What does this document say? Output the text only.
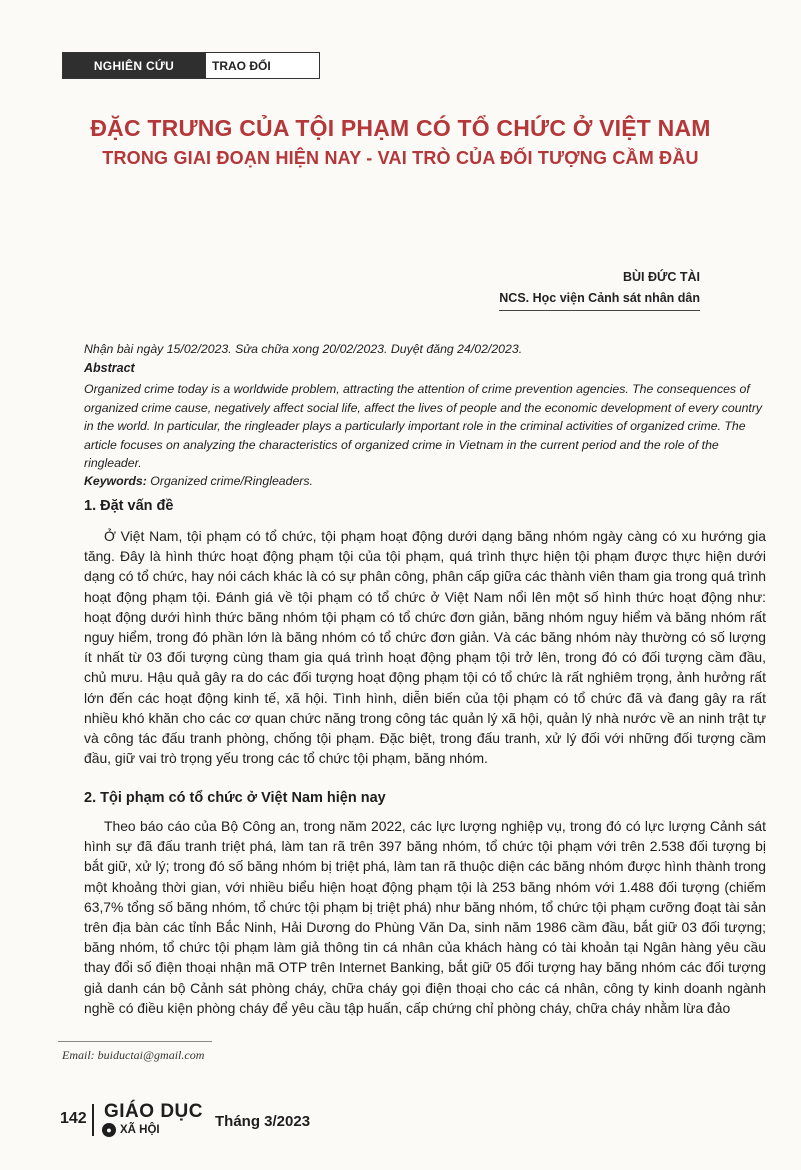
NGHIÊN CỨU	TRAO ĐỔI
ĐẶC TRƯNG CỦA TỘI PHẠM CÓ TỔ CHỨC Ở VIỆT NAM
TRONG GIAI ĐOẠN HIỆN NAY - VAI TRÒ CỦA ĐỐI TƯỢNG CẦM ĐẦU
BÙI ĐỨC TÀI
NCS. Học viện Cảnh sát nhân dân
Nhận bài ngày 15/02/2023. Sửa chữa xong 20/02/2023. Duyệt đăng 24/02/2023.
Abstract
Organized crime today is a worldwide problem, attracting the attention of crime prevention agencies. The consequences of organized crime cause, negatively affect social life, affect the lives of people and the economic development of every country in the world. In particular, the ringleader plays a particularly important role in the criminal activities of organized crime. The article focuses on analyzing the characteristics of organized crime in Vietnam in the current period and the role of the ringleader.
Keywords: Organized crime/Ringleaders.
1. Đặt vấn đề
Ở Việt Nam, tội phạm có tổ chức, tội phạm hoạt động dưới dạng băng nhóm ngày càng có xu hướng gia tăng. Đây là hình thức hoạt động phạm tội của tội phạm, quá trình thực hiện tội phạm được thực hiện dưới dạng có tổ chức, hay nói cách khác là có sự phân công, phân cấp giữa các thành viên tham gia trong quá trình hoạt động phạm tội. Đánh giá về tội phạm có tổ chức ở Việt Nam nổi lên một số hình thức hoạt động như: hoạt động dưới hình thức băng nhóm tội phạm có tổ chức đơn giản, băng nhóm nguy hiểm và băng nhóm rất nguy hiểm, trong đó phần lớn là băng nhóm có tổ chức đơn giản. Và các băng nhóm này thường có số lượng ít nhất từ 03 đối tượng cùng tham gia quá trình hoạt động phạm tội trở lên, trong đó có đối tượng cầm đầu, chủ mưu. Hậu quả gây ra do các đối tượng hoạt động phạm tội có tổ chức là rất nghiêm trọng, ảnh hưởng rất lớn đến các hoạt động kinh tế, xã hội. Tình hình, diễn biến của tội phạm có tổ chức đã và đang gây ra rất nhiều khó khăn cho các cơ quan chức năng trong công tác quản lý xã hội, quản lý nhà nước về an ninh trật tự và công tác đấu tranh phòng, chống tội phạm. Đặc biệt, trong đấu tranh, xử lý đối với những đối tượng cầm đầu, giữ vai trò trọng yếu trong các tổ chức tội phạm, băng nhóm.
2. Tội phạm có tổ chức ở Việt Nam hiện nay
Theo báo cáo của Bộ Công an, trong năm 2022, các lực lượng nghiệp vụ, trong đó có lực lượng Cảnh sát hình sự đã đấu tranh triệt phá, làm tan rã trên 397 băng nhóm, tổ chức tội phạm với trên 2.538 đối tượng bị bắt giữ, xử lý; trong đó số băng nhóm bị triệt phá, làm tan rã thuộc diện các băng nhóm được hình thành trong một khoảng thời gian, với nhiều biểu hiện hoạt động phạm tội là 253 băng nhóm với 1.488 đối tượng (chiếm 63,7% tổng số băng nhóm, tổ chức tội phạm bị triệt phá) như băng nhóm, tổ chức tội phạm cưỡng đoạt tài sản trên địa bàn các tỉnh Bắc Ninh, Hải Dương do Phùng Văn Da, sinh năm 1986 cầm đầu, bắt giữ 03 đối tượng; băng nhóm, tổ chức tội phạm làm giả thông tin cá nhân của khách hàng có tài khoản tại Ngân hàng yêu cầu thay đổi số điện thoại nhận mã OTP trên Internet Banking, bắt giữ 05 đối tượng hay băng nhóm các đối tượng giả danh cán bộ Cảnh sát phòng cháy, chữa cháy gọi điện thoại cho các cá nhân, công ty kinh doanh ngành nghề có điều kiện phòng cháy để yêu cầu tập huấn, cấp chứng chỉ phòng cháy, chữa cháy nhằm lừa đảo
Email: buiductai@gmail.com
142 GIÁO DỤC
● XÃ HỘI	Tháng 3/2023
